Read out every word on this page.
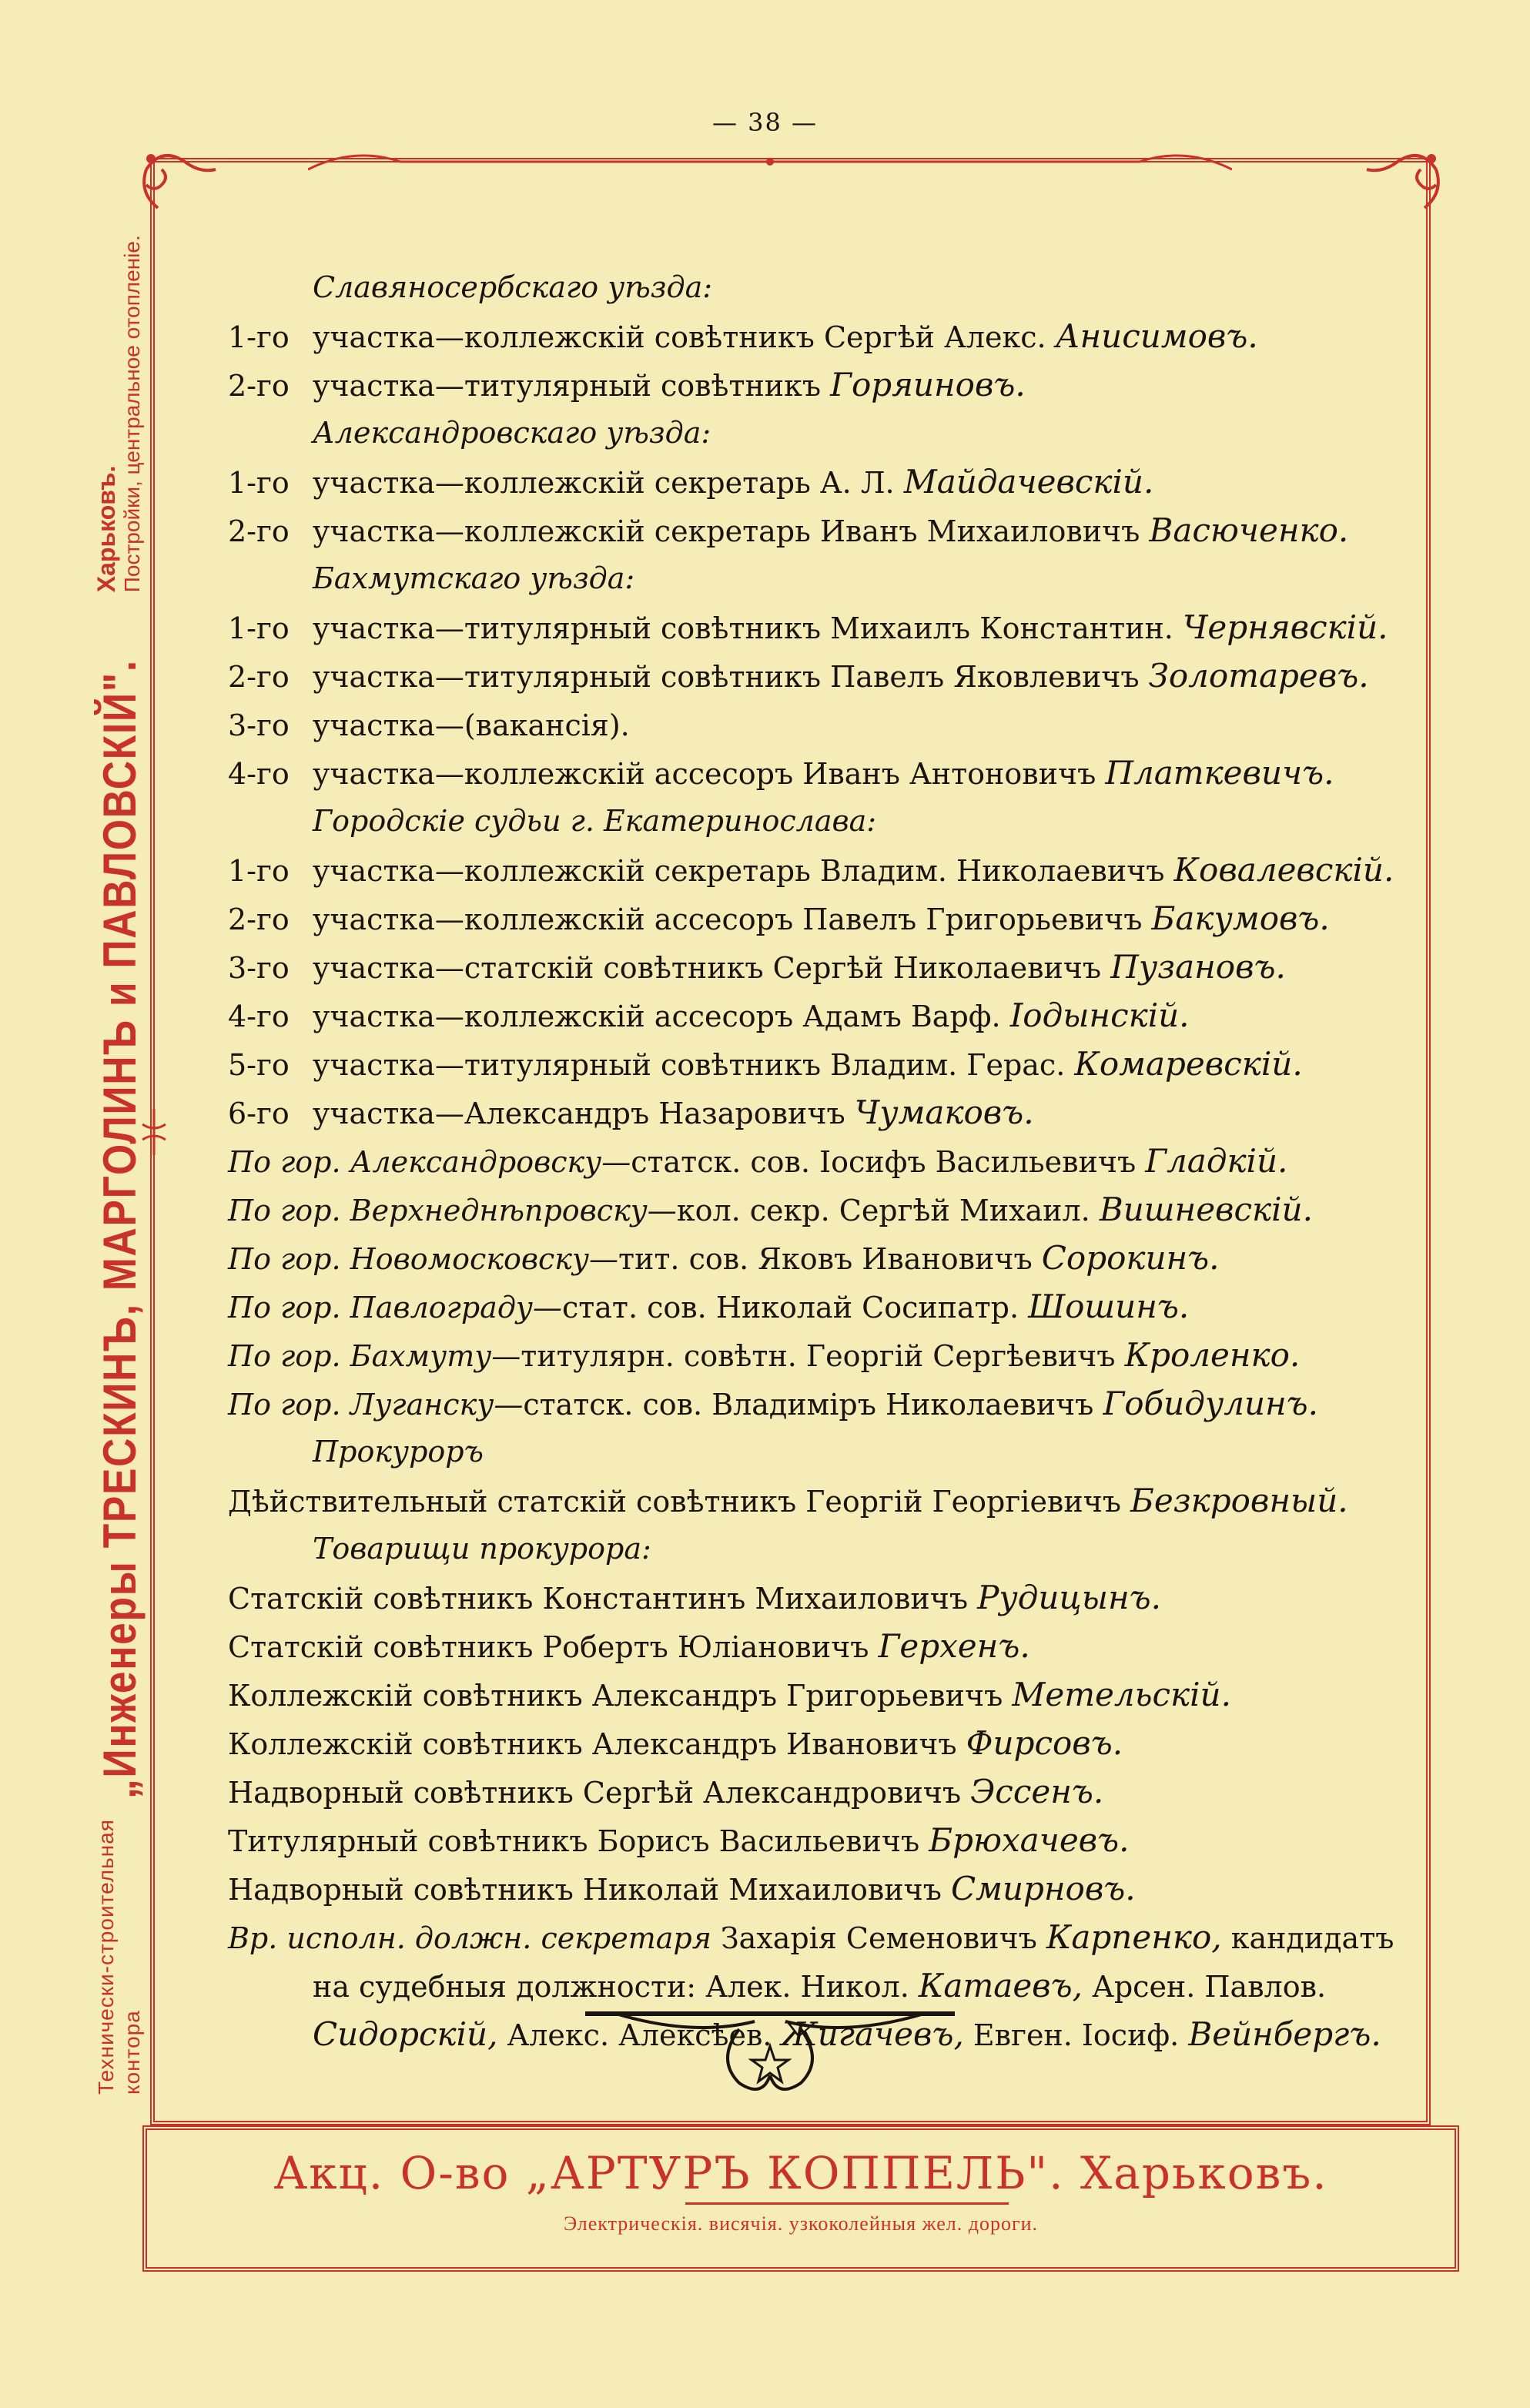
— 38 —
Технически-строительная контора
„Инженеры ТРЕСКИНЪ, МАРГОЛИНЪ и ПАВЛОВСКІЙ".
Харьковъ. Постройки, центральное отопленіе.	Славяносербскаго уѣзда:
1-го участка—коллежскій совѣтникъ Сергѣй Алекс. Анисимовъ.
2-го участка—титулярный совѣтникъ Горяиновъ.
Александровскаго уѣзда:
1-го участка—коллежскій секретарь А. Л. Майдачевскій.
2-го участка—коллежскій секретарь Иванъ Михаиловичъ Васюченко.
Бахмутскаго уѣзда:
1-го участка—титулярный совѣтникъ Михаилъ Константин. Чернявскій.
2-го участка—титулярный совѣтникъ Павелъ Яковлевичъ Золотаревъ.
3-го участка—(вакансія).
4-го участка—коллежскій ассесоръ Иванъ Антоновичъ Платкевичъ.
Городскіе судьи г. Екатеринослава:
1-го участка—коллежскій секретарь Владим. Николаевичъ Ковалевскій.
2-го участка—коллежскій ассесоръ Павелъ Григорьевичъ Бакумовъ.
3-го участка—статскій совѣтникъ Сергѣй Николаевичъ Пузановъ.
4-го участка—коллежскій ассесоръ Адамъ Варф. Іодынскій.
5-го участка—титулярный совѣтникъ Владим. Герас. Комаревскій.
6-го участка—Александръ Назаровичъ Чумаковъ.
По гор. Александровску—статск. сов. Іосифъ Васильевичъ Гладкій.
По гор. Верхнеднѣпровску—кол. секр. Сергѣй Михаил. Вишневскій.
По гор. Новомосковску—тит. сов. Яковъ Ивановичъ Сорокинъ.
По гор. Павлограду—стат. сов. Николай Сосипатр. Шошинъ.
По гор. Бахмуту—титулярн. совѣтн. Георгій Сергѣевичъ Кроленко.
По гор. Луганску—статск. сов. Владиміръ Николаевичъ Гобидулинъ.
Прокуроръ
Дѣйствительный статскій совѣтникъ Георгій Георгіевичъ Безкровный.
Товарищи прокурора:
Статскій совѣтникъ Константинъ Михаиловичъ Рудицынъ.
Статскій совѣтникъ Робертъ Юліановичъ Герхенъ.
Коллежскій совѣтникъ Александръ Григорьевичъ Метельскій.
Коллежскій совѣтникъ Александръ Ивановичъ Фирсовъ.
Надворный совѣтникъ Сергѣй Александровичъ Эссенъ.
Титулярный совѣтникъ Борисъ Васильевичъ Брюхачевъ.
Надворный совѣтникъ Николай Михаиловичъ Смирновъ.
Вр. исполн. должн. секретаря Захарія Семеновичъ Карпенко, кандидатъ
на судебныя должности: Алек. Никол. Катаевъ, Арсен. Павлов.
Сидорскій, Алекс. Алексѣев. Жигачевъ, Евген. Іосиф. Вейнбергъ.
Акц. О-во „АРТУРЪ КОППЕЛЬ". Харьковъ.
Электрическія. висячія. узкоколейныя жел. дороги.
